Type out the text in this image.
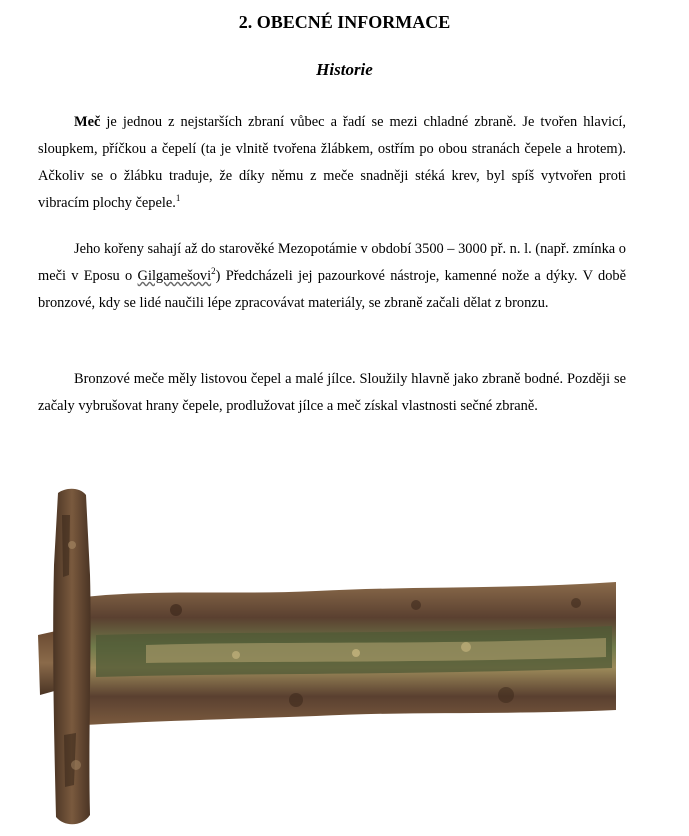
2. OBECNÉ INFORMACE
Historie

Meč je jednou z nejstarších zbraní vůbec a řadí se mezi chladné zbraně. Je tvořen hlavicí, sloupkem, příčkou a čepelí (ta je vlnitě tvořena žlábkem, ostřím po obou stranách čepele a hrotem). Ačkoliv se o žlábku traduje, že díky němu z meče snadněji stéká krev, byl spíš vytvořen proti vibracím plochy čepele.$^1$

Jeho kořeny sahají až do starověké Mezopotámie v období 3500 – 3000 př. n. l. (např. zmínka o meči v Eposu o Gilgamešovi$^2$) Předcházeli jej pazourkové nástroje, kamenné nože a dýky. V době bronzové, kdy se lidé naučili lépe zpracovávat materiály, se zbraně začali dělat z bronzu.

Bronzové meče měly listovou čepel a malé jílce. Sloužily hlavně jako zbraně bodné. Později se začaly vybrušovat hrany čepele, prodlužovat jílce a meč získal vlastnosti sečné zbraně.
